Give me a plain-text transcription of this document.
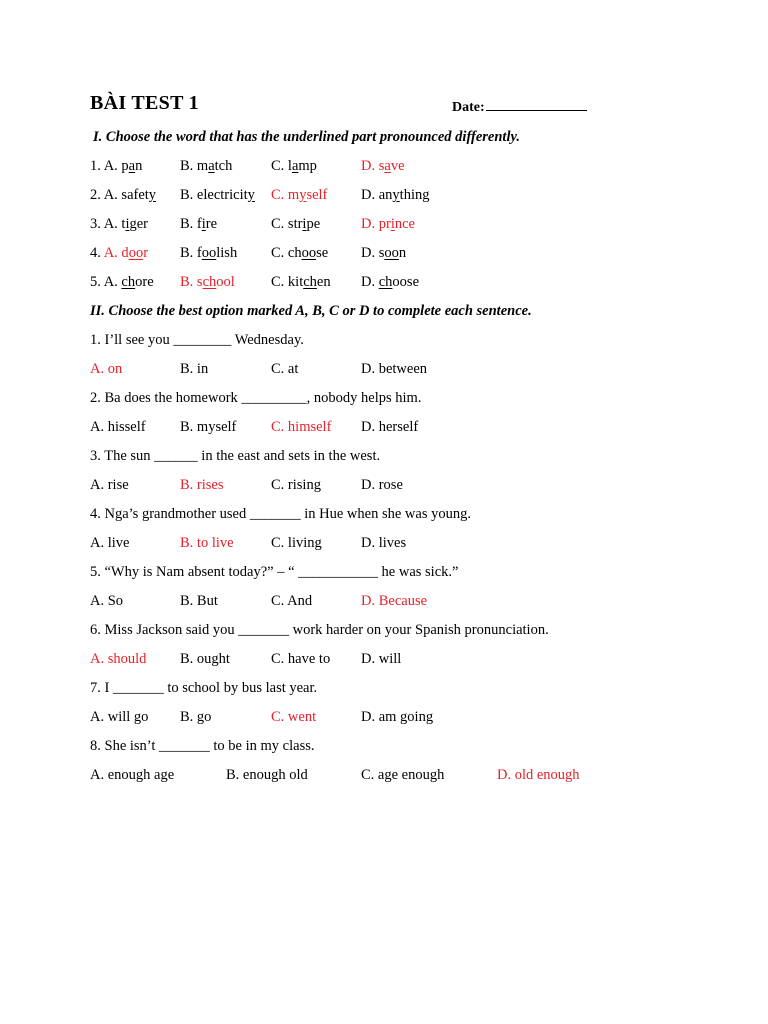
BÀI TEST 1	Date:
I. Choose the word that has the underlined part pronounced differently.
1. A. pan	B. match	C. lamp	D. save
2. A. safety B. electricity C. myself D. anything
3. A. tiger B. fire	C. stripe	D. prince
4. A. door B. foolish C. choose D. soon
5. A. chore B. school C. kitchen D. choose
II. Choose the best option marked A, B, C or D to complete each sentence.
1. I’ll see you ________ Wednesday.
A. on	B. in	C. at	D. between
2. Ba does the homework _________, nobody helps him.
A. hisself B. myself C. himself D. herself
3. The sun ______ in the east and sets in the west.
A. rise	B. rises	C. rising	D. rose
4. Nga’s grandmother used _______ in Hue when she was young.
A. live	B. to live	C. living	D. lives
5. “Why is Nam absent today?” – “ ___________ he was sick.”
A. So	B. But	C. And	D. Because
6. Miss Jackson said you _______ work harder on your Spanish pronunciation.
A. should B. ought	C. have to D. will
7. I _______ to school by bus last year.
A. will go B. go	C. went	D. am going
8. She isn’t _______ to be in my class.
A. enough age	B. enough old	C. age enough	D. old enough
